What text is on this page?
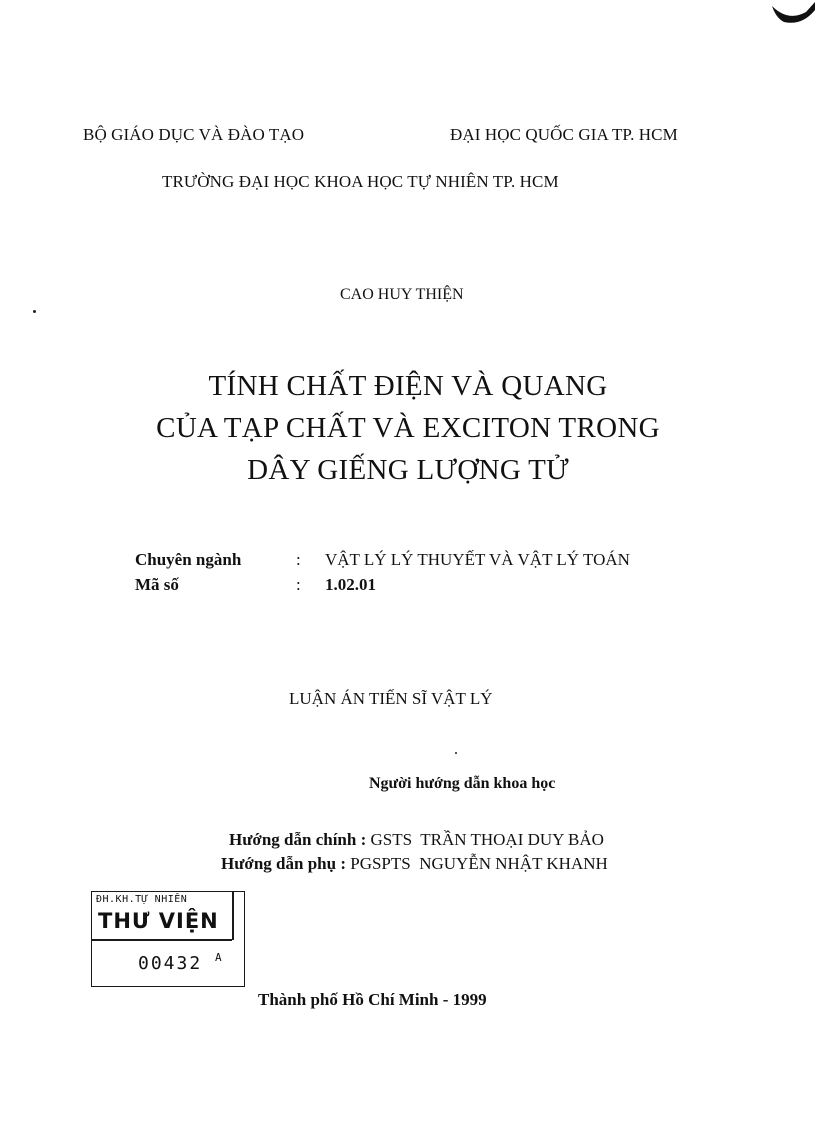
BỘ GIÁO DỤC VÀ ĐÀO TẠO	ĐẠI HỌC QUỐC GIA TP. HCM
TRƯỜNG ĐẠI HỌC KHOA HỌC TỰ NHIÊN TP. HCM
CAO HUY THIỆN
TÍNH CHẤT ĐIỆN VÀ QUANG
CỦA TẠP CHẤT VÀ EXCITON TRONG
DÂY GIẾNG LƯỢNG TỬ
Chuyên ngành	: VẬT LÝ LÝ THUYẾT VÀ VẬT LÝ TOÁN
Mã số	: 1.02.01
LUẬN ÁN TIẾN SĨ VẬT LÝ
Người hướng dẫn khoa học
Hướng dẫn chính : GSTS  TRẦN THOẠI DUY BẢO
Hướng dẫn phụ : PGSPTS  NGUYỄN NHẬT KHANH
ĐH.KH.TỰ NHIÊN
THƯ VIỆN
00432 $^A$
Thành phố Hồ Chí Minh - 1999
